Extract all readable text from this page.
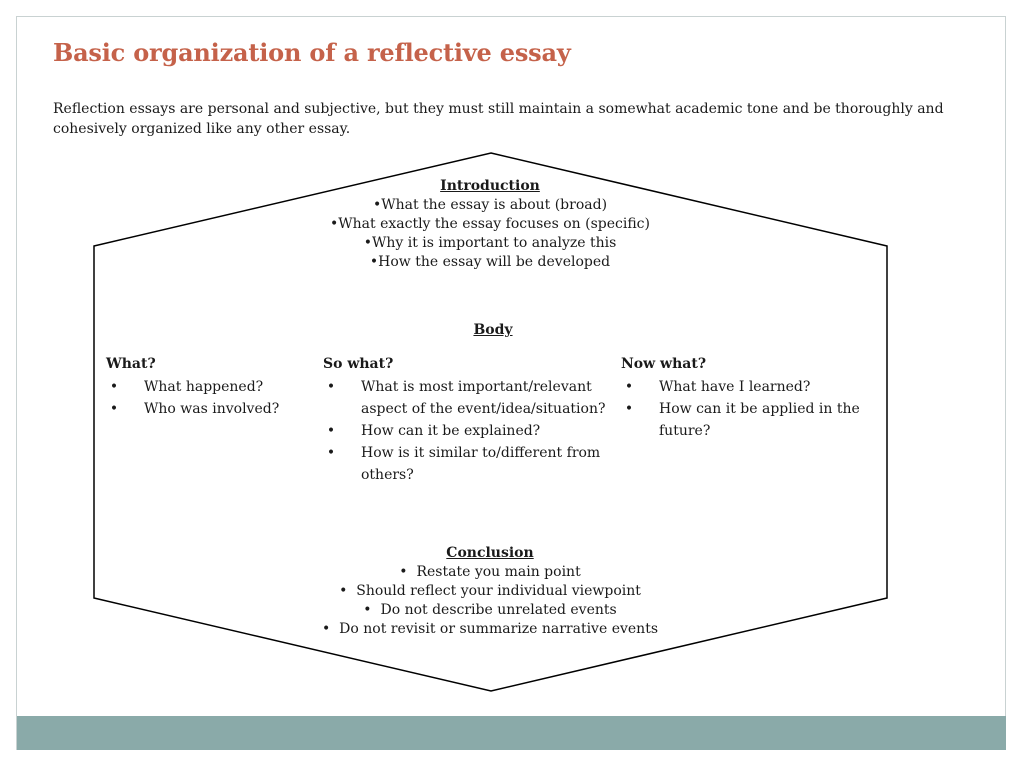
Basic organization of a reflective essay

Reflection essays are personal and subjective, but they must still maintain a somewhat academic tone and be thoroughly and cohesively organized like any other essay.

Introduction
•What the essay is about (broad)
•What exactly the essay focuses on (specific)
•Why it is important to analyze this
•How the essay will be developed
Body
What?
• What happened?
• Who was involved?
So what?
• What is most important/relevant aspect of the event/idea/situation?
• How can it be explained?
• How is it similar to/different from others?
Now what?
• What have I learned?
• How can it be applied in the future?
Conclusion
•  Restate you main point
•  Should reflect your individual viewpoint
•  Do not describe unrelated events
•  Do not revisit or summarize narrative events
